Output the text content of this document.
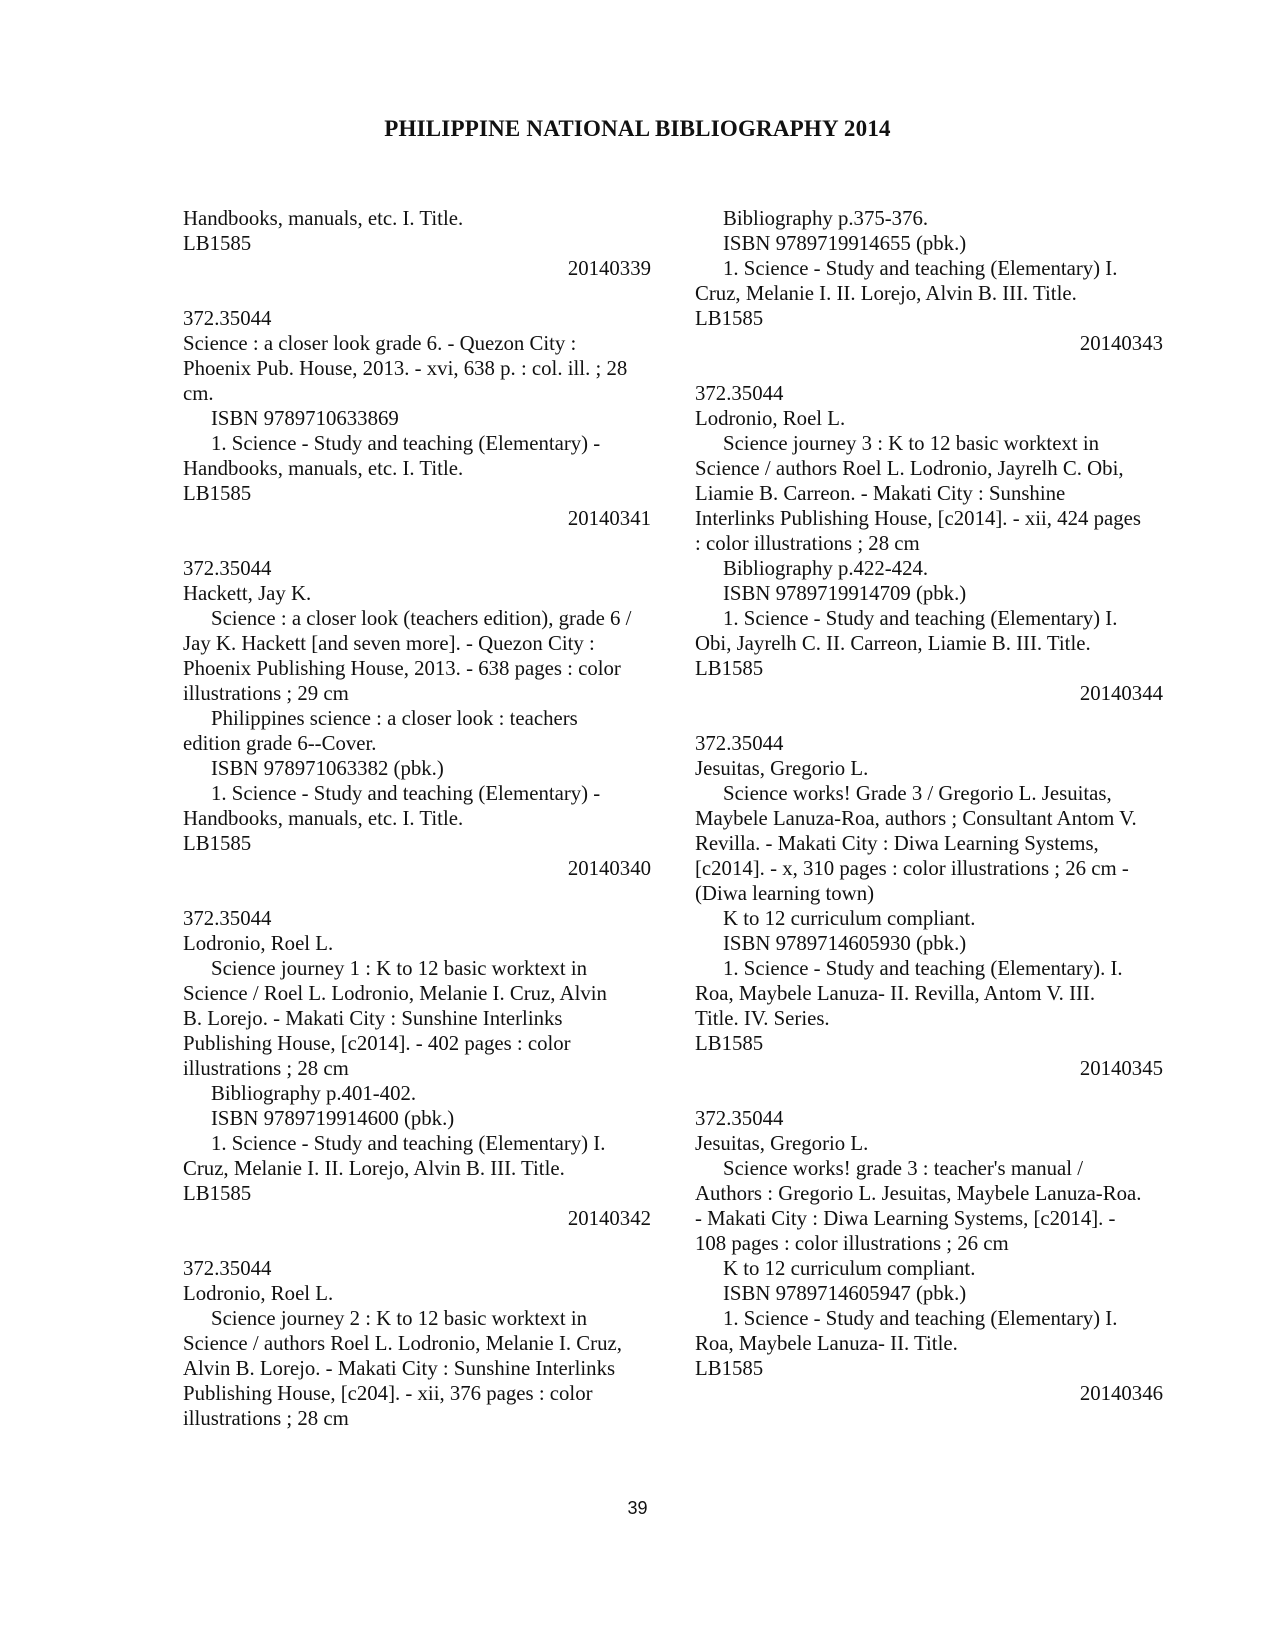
PHILIPPINE NATIONAL BIBLIOGRAPHY 2014
Handbooks, manuals, etc. I. Title.
LB1585
20140339
372.35044
Science : a closer look grade 6. - Quezon City :
Phoenix Pub. House, 2013. - xvi, 638 p. : col. ill. ; 28
cm.
ISBN 9789710633869
1. Science - Study and teaching (Elementary) -
Handbooks, manuals, etc. I. Title.
LB1585
20140341
372.35044
Hackett, Jay K.
Science : a closer look (teachers edition), grade 6 /
Jay K. Hackett [and seven more]. - Quezon City :
Phoenix Publishing House, 2013. - 638 pages : color
illustrations ; 29 cm
Philippines science : a closer look : teachers
edition grade 6--Cover.
ISBN 978971063382 (pbk.)
1. Science - Study and teaching (Elementary) -
Handbooks, manuals, etc. I. Title.
LB1585
20140340
372.35044
Lodronio, Roel L.
Science journey 1 : K to 12 basic worktext in
Science / Roel L. Lodronio, Melanie I. Cruz, Alvin
B. Lorejo. - Makati City : Sunshine Interlinks
Publishing House, [c2014]. - 402 pages : color
illustrations ; 28 cm
Bibliography p.401-402.
ISBN 9789719914600 (pbk.)
1. Science - Study and teaching (Elementary) I.
Cruz, Melanie I. II. Lorejo, Alvin B. III. Title.
LB1585
20140342
372.35044
Lodronio, Roel L.
Science journey 2 : K to 12 basic worktext in
Science / authors Roel L. Lodronio, Melanie I. Cruz,
Alvin B. Lorejo. - Makati City : Sunshine Interlinks
Publishing House, [c204]. - xii, 376 pages : color
illustrations ; 28 cm
Bibliography p.375-376.
ISBN 9789719914655 (pbk.)
1. Science - Study and teaching (Elementary) I.
Cruz, Melanie I. II. Lorejo, Alvin B. III. Title.
LB1585
20140343
372.35044
Lodronio, Roel L.
Science journey 3 : K to 12 basic worktext in
Science / authors Roel L. Lodronio, Jayrelh C. Obi,
Liamie B. Carreon. - Makati City : Sunshine
Interlinks Publishing House, [c2014]. - xii, 424 pages
: color illustrations ; 28 cm
Bibliography p.422-424.
ISBN 9789719914709 (pbk.)
1. Science - Study and teaching (Elementary) I.
Obi, Jayrelh C. II. Carreon, Liamie B. III. Title.
LB1585
20140344
372.35044
Jesuitas, Gregorio L.
Science works! Grade 3 / Gregorio L. Jesuitas,
Maybele Lanuza-Roa, authors ; Consultant Antom V.
Revilla. - Makati City : Diwa Learning Systems,
[c2014]. - x, 310 pages : color illustrations ; 26 cm -
(Diwa learning town)
K to 12 curriculum compliant.
ISBN 9789714605930 (pbk.)
1. Science - Study and teaching (Elementary). I.
Roa, Maybele Lanuza- II. Revilla, Antom V. III.
Title. IV. Series.
LB1585
20140345
372.35044
Jesuitas, Gregorio L.
Science works! grade 3 : teacher's manual /
Authors : Gregorio L. Jesuitas, Maybele Lanuza-Roa.
- Makati City : Diwa Learning Systems, [c2014]. -
108 pages : color illustrations ; 26 cm
K to 12 curriculum compliant.
ISBN 9789714605947 (pbk.)
1. Science - Study and teaching (Elementary) I.
Roa, Maybele Lanuza- II. Title.
LB1585
20140346
39
